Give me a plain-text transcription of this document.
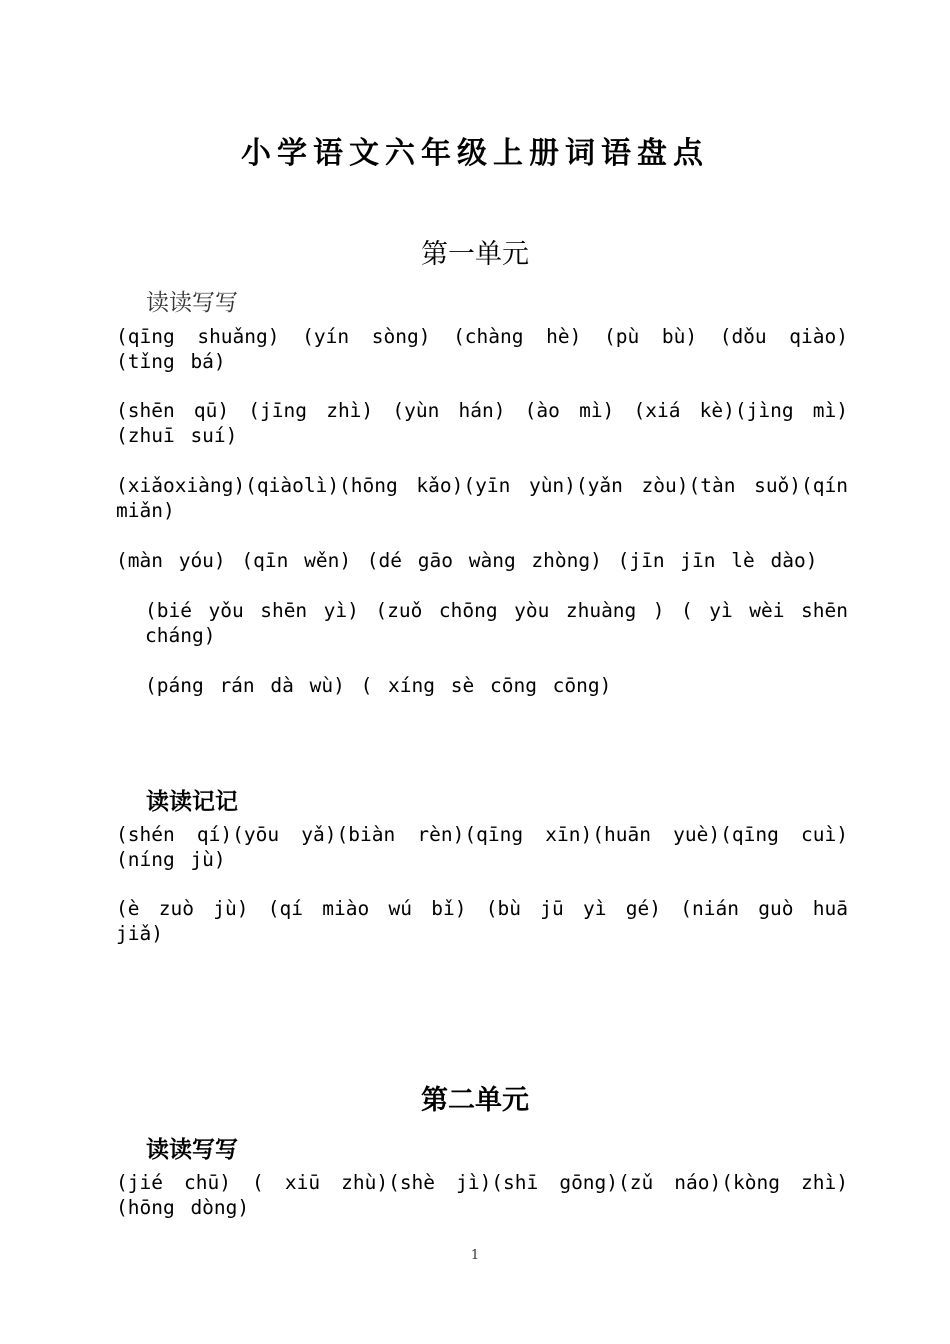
小学语文六年级上册词语盘点
第一单元
读读写写

(qīng shuǎng) (yín sòng) (chàng hè) (pù bù) (dǒu qiào) (tǐng bá)

(shēn qū) (jīng zhì) (yùn hán) (ào mì) (xiá kè)(jìng mì)(zhuī suí)

(xiǎoxiàng)(qiàolì)(hōng kǎo)(yīn yùn)(yǎn zòu)(tàn suǒ)(qín miǎn)

(màn yóu) (qīn wěn) (dé gāo wàng zhòng) (jīn jīn lè dào)

(bié yǒu shēn yì) (zuǒ chōng yòu zhuàng ) ( yì wèi shēn cháng)

(páng rán dà wù) ( xíng sè cōng cōng)

读读记记

(shén qí)(yōu yǎ)(biàn rèn)(qīng xīn)(huān yuè)(qīng cuì)(níng jù)

(è zuò jù) (qí miào wú bǐ) (bù jū yì gé) (nián guò huā jiǎ)

第二单元
读读写写

(jié chū) ( xiū zhù)(shè jì)(shī gōng)(zǔ náo)(kòng zhì)(hōng dòng)

1
